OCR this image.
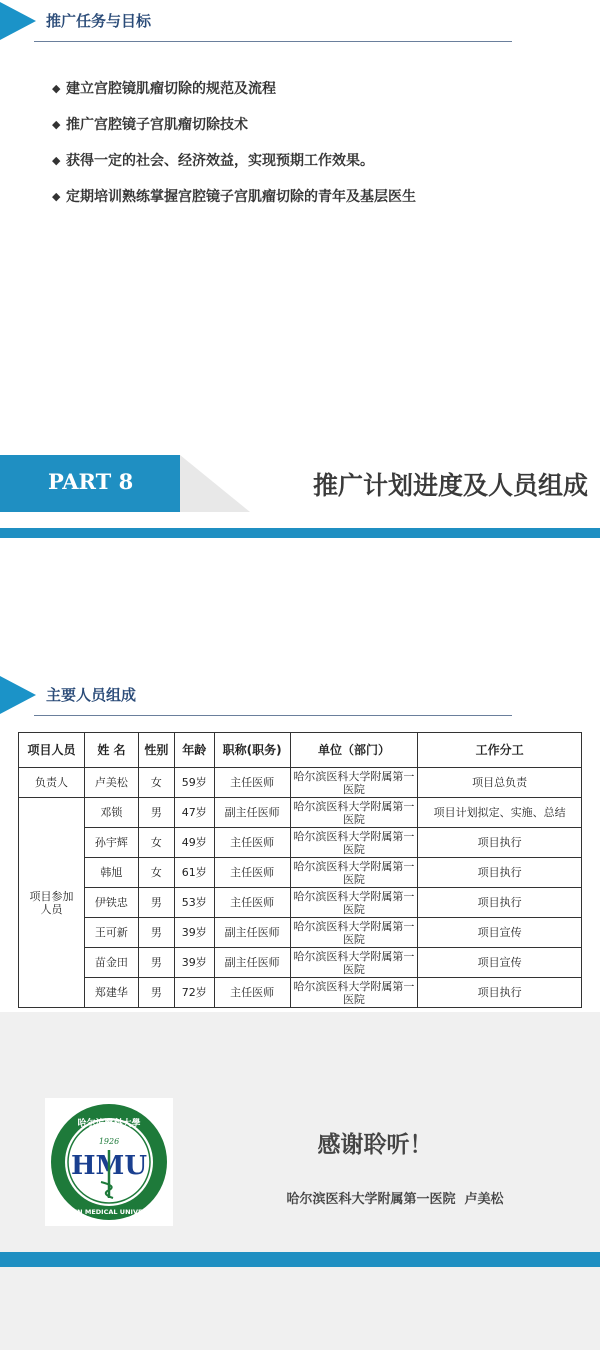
推广任务与目标
◆ 建立宫腔镜肌瘤切除的规范及流程
◆ 推广宫腔镜子宫肌瘤切除技术
◆ 获得一定的社会、经济效益，实现预期工作效果。
◆ 定期培训熟练掌握宫腔镜子宫肌瘤切除的青年及基层医生
PART 8	推广计划进度及人员组成
主要人员组成
项目人员	姓 名	性别	年龄	职称(职务)	单位（部门）	工作分工
负责人	卢美松	女	59岁	主任医师	哈尔滨医科大学附属第一医院	项目总负责

项目参加人员	邓锁	男	47岁	副主任医师	哈尔滨医科大学附属第一医院	项目计划拟定、实施、总结
	孙宇辉	女	49岁	主任医师	哈尔滨医科大学附属第一医院	项目执行
	韩旭	女	61岁	主任医师	哈尔滨医科大学附属第一医院	项目执行
	伊铁忠	男	53岁	主任医师	哈尔滨医科大学附属第一医院	项目执行
	王可新	男	39岁	副主任医师	哈尔滨医科大学附属第一医院	项目宣传
	苗金田	男	39岁	副主任医师	哈尔滨医科大学附属第一医院	项目宣传
	郑建华	男	72岁	主任医师	哈尔滨医科大学附属第一医院	项目执行
哈尔滨醫科大學
1926
HMU
HARBIN MEDICAL UNIVERSITY
感谢聆听！
哈尔滨医科大学附属第一医院  卢美松
